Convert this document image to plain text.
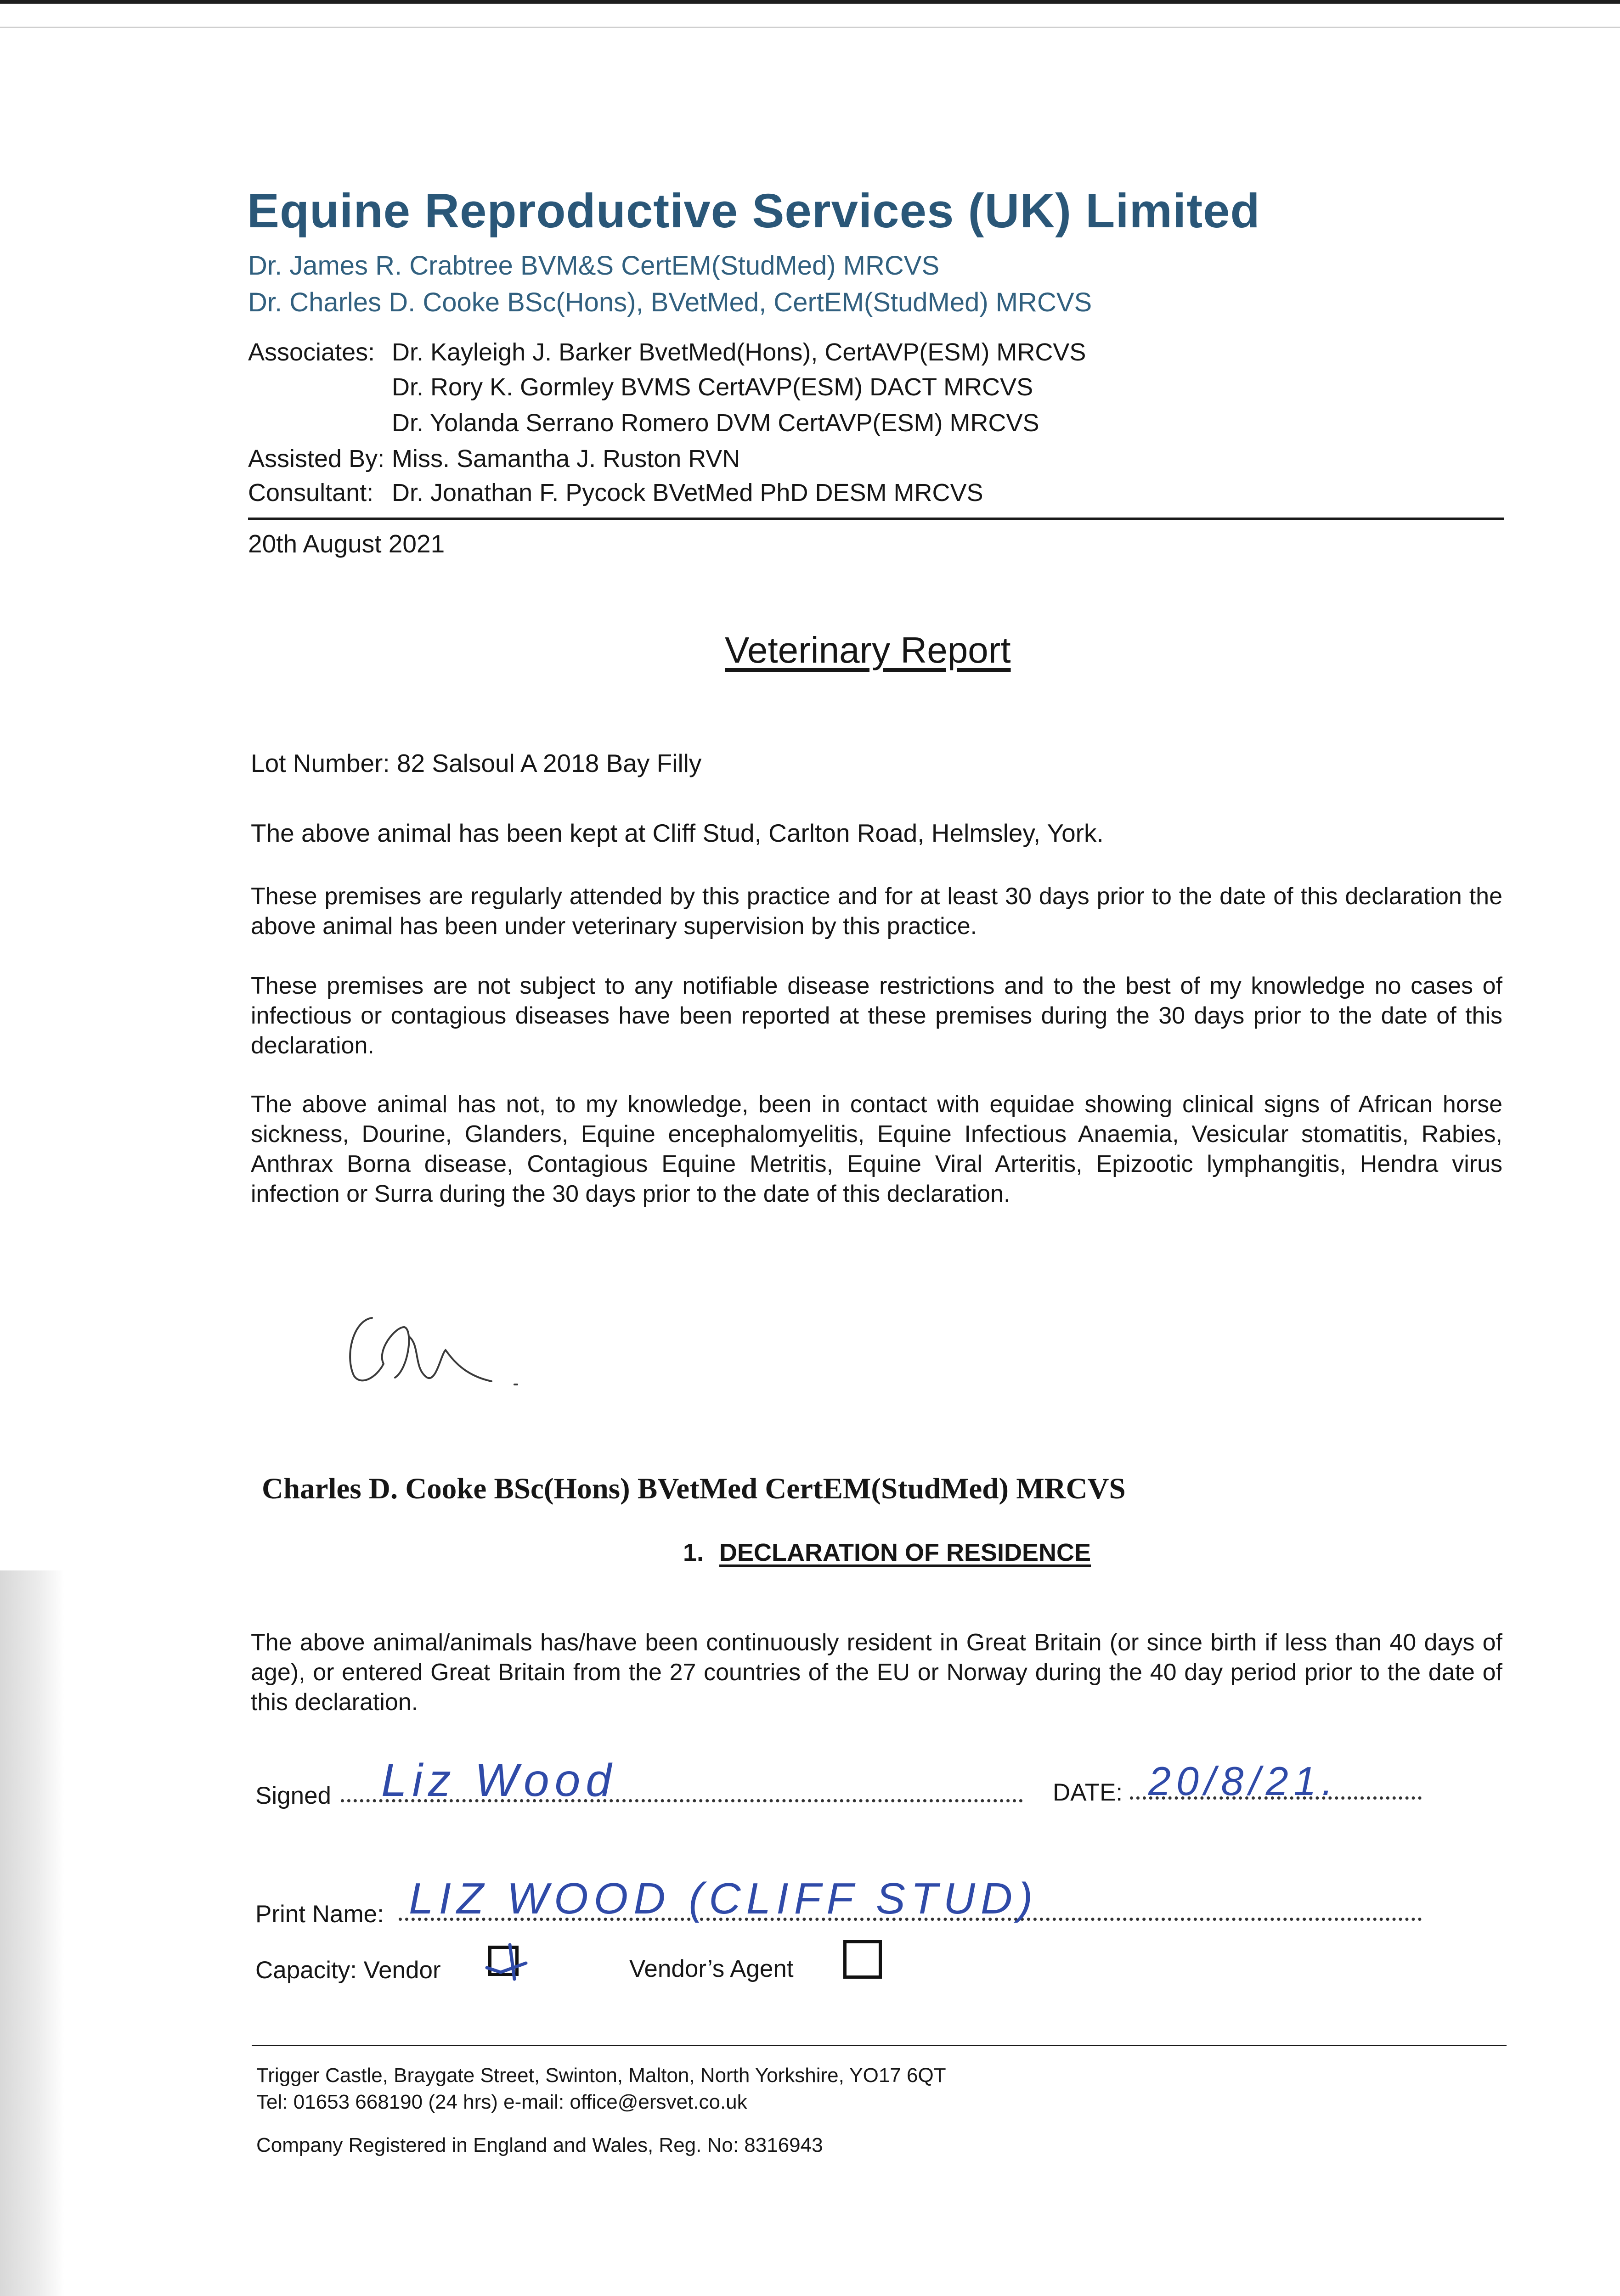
Equine Reproductive Services (UK) Limited
Dr. James R. Crabtree BVM&S CertEM(StudMed) MRCVS
Dr. Charles D. Cooke BSc(Hons), BVetMed, CertEM(StudMed) MRCVS
Associates: Dr. Kayleigh J. Barker BvetMed(Hons), CertAVP(ESM) MRCVS
Dr. Rory K. Gormley BVMS CertAVP(ESM) DACT MRCVS
Dr. Yolanda Serrano Romero DVM CertAVP(ESM) MRCVS
Assisted By: Miss. Samantha J. Ruston RVN
Consultant: Dr. Jonathan F. Pycock BVetMed PhD DESM MRCVS
20th August 2021
Veterinary Report
Lot Number: 82 Salsoul A 2018 Bay Filly
The above animal has been kept at Cliff Stud, Carlton Road, Helmsley, York.
These premises are regularly attended by this practice and for at least 30 days prior to the date of this declaration the above animal has been under veterinary supervision by this practice.
These premises are not subject to any notifiable disease restrictions and to the best of my knowledge no cases of infectious or contagious diseases have been reported at these premises during the 30 days prior to the date of this declaration.
The above animal has not, to my knowledge, been in contact with equidae showing clinical signs of African horse sickness, Dourine, Glanders, Equine encephalomyelitis, Equine Infectious Anaemia, Vesicular stomatitis, Rabies, Anthrax Borna disease, Contagious Equine Metritis, Equine Viral Arteritis, Epizootic lymphangitis, Hendra virus infection or Surra during the 30 days prior to the date of this declaration.
Charles D. Cooke BSc(Hons) BVetMed CertEM(StudMed) MRCVS
1. DECLARATION OF RESIDENCE
The above animal/animals has/have been continuously resident in Great Britain (or since birth if less than 40 days of age), or entered Great Britain from the 27 countries of the EU or Norway during the 40 day period prior to the date of this declaration.
Signed Liz Wood	DATE: 20/8/21.
Print Name: LIZ WOOD (CLIFF STUD)
Capacity: Vendor	Vendor’s Agent
Trigger Castle, Braygate Street, Swinton, Malton, North Yorkshire, YO17 6QT
Tel: 01653 668190 (24 hrs) e-mail: office@ersvet.co.uk
Company Registered in England and Wales, Reg. No: 8316943
